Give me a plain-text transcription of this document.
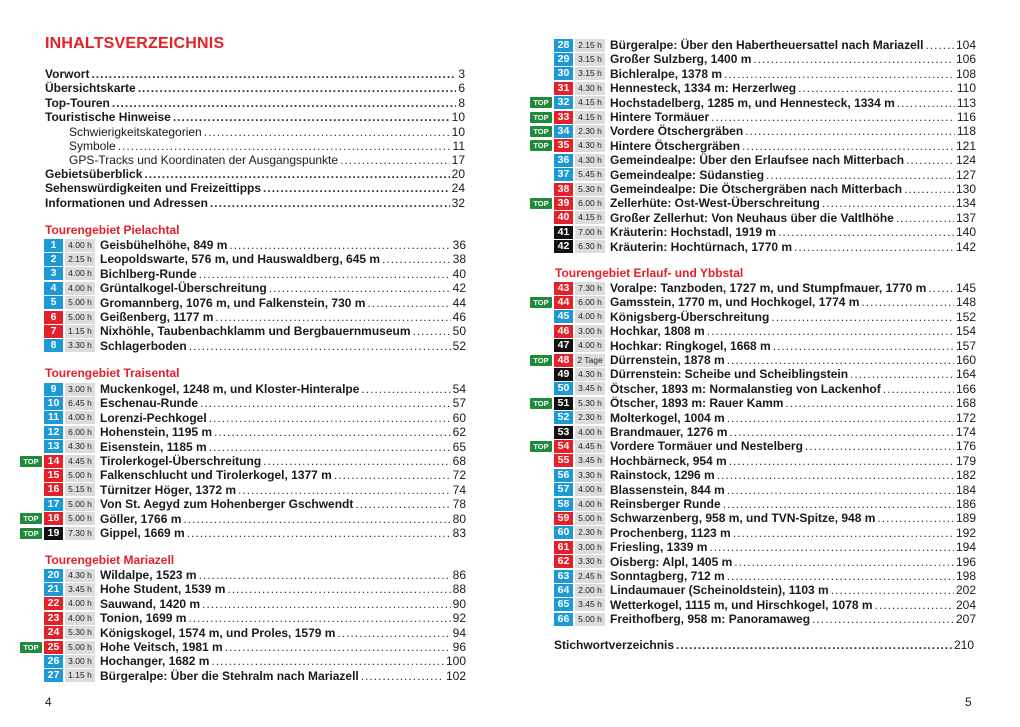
INHALTSVERZEICHNIS
Vorwort .....	3
Übersichtskarte .....	6
Top-Touren .....	8
Touristische Hinweise .....	10
Schwierigkeitskategorien .....	10
Symbole .....	11
GPS-Tracks und Koordinaten der Ausgangspunkte .....	17
Gebietsüberblick .....	20
Sehenswürdigkeiten und Freizeittipps .....	24
Informationen und Adressen .....	32
Tourengebiet Pielachtal
1	4.00 h Geisbühelhöhe, 849 m .....	36
2	2.15 h Leopoldswarte, 576 m, und Hauswaldberg, 645 m .....	38
3	4.00 h Bichlberg-Runde .....	40
4	4.00 h Grüntalkogel-Überschreitung .....	42
5	5.00 h Gromannberg, 1076 m, und Falkenstein, 730 m .....	44
6	5.00 h Geißenberg, 1177 m .....	46
7	1.15 h Nixhöhle, Taubenbachklamm und Bergbauernmuseum .....	50
8	3.30 h Schlagerboden .....	52
Tourengebiet Traisental
9	3.00 h Muckenkogel, 1248 m, und Kloster-Hinteralpe .....	54
10	6.45 h Eschenau-Runde .....	57
11	4.00 h Lorenzi-Pechkogel .....	60
12	6.00 h Hohenstein, 1195 m .....	62
13	4.30 h Eisenstein, 1185 m .....	65
TOP 14	4.45 h Tirolerkogel-Überschreitung .....	68
15	5.00 h Falkenschlucht und Tirolerkogel, 1377 m .....	72
16	5.15 h Türnitzer Höger, 1372 m .....	74
17	5.00 h Von St. Aegyd zum Hohenberger Gschwendt .....	78
TOP 18	5.00 h Göller, 1766 m .....	80
TOP 19	7.30 h Gippel, 1669 m .....	83
Tourengebiet Mariazell
20	4.30 h Wildalpe, 1523 m .....	86
21	3.45 h Hohe Student, 1539 m .....	88
22	4.00 h Sauwand, 1420 m .....	90
23	4.00 h Tonion, 1699 m .....	92
24	5.30 h Königskogel, 1574 m, und Proles, 1579 m .....	94
TOP 25	5.00 h Hohe Veitsch, 1981 m .....	96
26	3.00 h Hochanger, 1682 m .....	100
27	1.15 h Bürgeralpe: Über die Stehralm nach Mariazell .....	102
4
28	2.15 h Bürgeralpe: Über den Habertheuersattel nach Mariazell .....	104
29	3.15 h Großer Sulzberg, 1400 m .....	106
30	3.15 h Bichleralpe, 1378 m .....	108
31	4.30 h Hennesteck, 1334 m: Herzerlweg .....	110
TOP 32	4.15 h Hochstadelberg, 1285 m, und Hennesteck, 1334 m .....	113
TOP 33	4.15 h Hintere Tormäuer .....	116
TOP 34	2.30 h Vordere Ötschergräben .....	118
TOP 35	4.30 h Hintere Ötschergräben .....	121
36	4.30 h Gemeindealpe: Über den Erlaufsee nach Mitterbach .....	124
37	5.45 h Gemeindealpe: Südanstieg .....	127
38	5.30 h Gemeindealpe: Die Ötschergräben nach Mitterbach .....	130
TOP 39	6.00 h Zellerhüte: Ost-West-Überschreitung .....	134
40	4.15 h Großer Zellerhut: Von Neuhaus über die Valtlhöhe .....	137
41	7.00 h Kräuterin: Hochstadl, 1919 m .....	140
42	6.30 h Kräuterin: Hochtürnach, 1770 m .....	142
Tourengebiet Erlauf- und Ybbstal
43	7.30 h Voralpe: Tanzboden, 1727 m, und Stumpfmauer, 1770 m ..... 145
TOP 44	6.00 h Gamsstein, 1770 m, und Hochkogel, 1774 m .....	148
45	4.00 h Königsberg-Überschreitung .....	152
46	3.00 h Hochkar, 1808 m .....	154
47	4.00 h Hochkar: Ringkogel, 1668 m .....	157
TOP 48 2 Tage Dürrenstein, 1878 m .....	160
49	4.30 h Dürrenstein: Scheibe und Scheiblingstein .....	164
50	3.45 h Ötscher, 1893 m: Normalanstieg von Lackenhof .....	166
TOP 51	5.30 h Ötscher, 1893 m: Rauer Kamm .....	168
52	2.30 h Molterkogel, 1004 m .....	172
53	4.00 h Brandmauer, 1276 m .....	174
TOP 54	4.45 h Vordere Tormäuer und Nestelberg .....	176
55	3.45 h Hochbärneck, 954 m .....	179
56	3.30 h Rainstock, 1296 m .....	182
57	4.00 h Blassenstein, 844 m .....	184
58	4.00 h Reinsberger Runde .....	186
59	5.00 h Schwarzenberg, 958 m, und TVN-Spitze, 948 m .....	189
60	2.30 h Prochenberg, 1123 m .....	192
61	3.00 h Friesling, 1339 m .....	194
62	3.30 h Oisberg: Alpl, 1405 m .....	196
63	2.45 h Sonntagberg, 712 m .....	198
64	2.00 h Lindaumauer (Scheinoldstein), 1103 m .....	202
65	3.45 h Wetterkogel, 1115 m, und Hirschkogel, 1078 m .....	204
66	5.00 h Freithofberg, 958 m: Panoramaweg .....	207
Stichwortverzeichnis .....	210
5
